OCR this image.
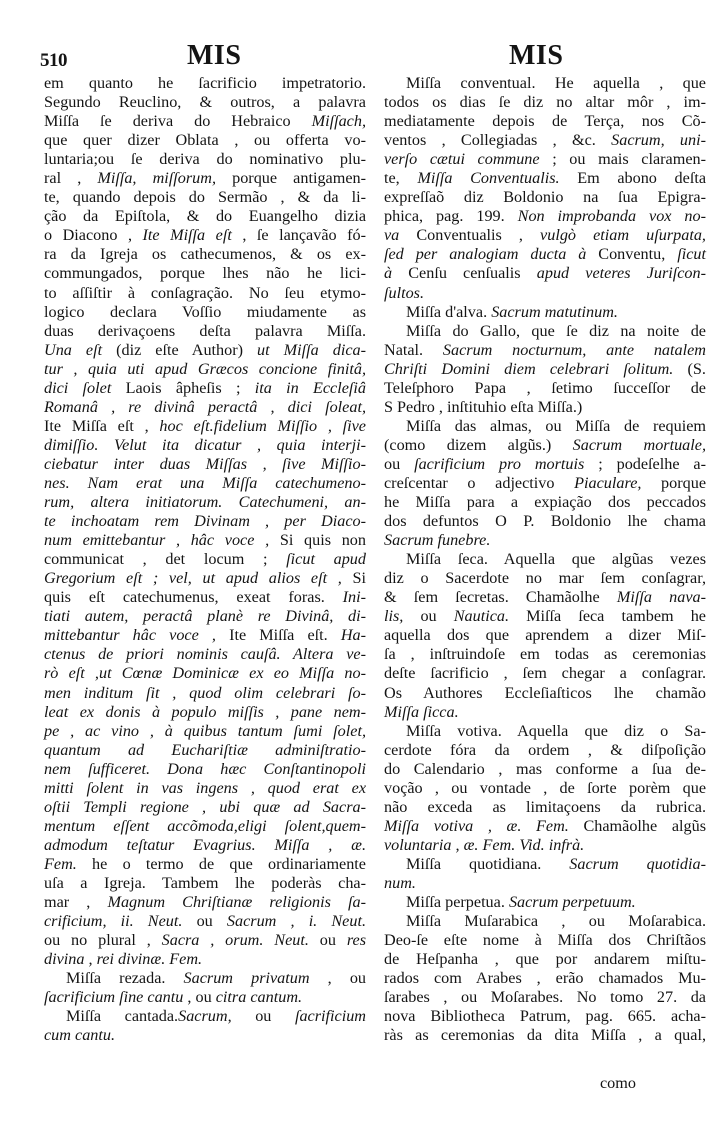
510	MIS	MIS
em quanto he ſacrificio impetratorio.
Segundo Reuclino, & outros, a palavra
Miſſa ſe deriva do Hebraico Miſſach,
que quer dizer Oblata , ou offerta vo-
luntaria;ou ſe deriva do nominativo plu-
ral , Miſſa, miſſorum, porque antigamen-
te, quando depois do Sermão , & da li-
ção da Epiſtola, & do Euangelho dizia
o Diacono , Ite Miſſa eſt , ſe lançavão fó-
ra da Igreja os cathecumenos, & os ex-
commungados, porque lhes não he lici-
to aſſiſtir à conſagração. No ſeu etymo-
logico declara Voſſio miudamente as
duas derivaçoens deſta palavra Miſſa.
Una eſt (diz eſte Author) ut Miſſa dica-
tur , quia uti apud Græcos concione finitâ,
dici ſolet Laois âpheſis ; ita in Eccleſiâ
Romanâ , re divinâ peractâ , dici ſoleat,
Ite Miſſa eſt , hoc eſt.fidelium Miſſio , ſive
dimiſſio. Velut ita dicatur , quia interji-
ciebatur inter duas Miſſas , ſive Miſſio-
nes. Nam erat una Miſſa catechumeno-
rum, altera initiatorum. Catechumeni, an-
te inchoatam rem Divinam , per Diaco-
num emittebantur , hâc voce , Si quis non
communicat , det locum ; ſicut apud
Gregorium eſt ; vel, ut apud alios eſt , Si
quis eſt catechumenus, exeat foras. Ini-
tiati autem, peractâ planè re Divinâ, di-
mittebantur hâc voce , Ite Miſſa eſt. Ha-
ctenus de priori nominis cauſâ. Altera ve-
rò eſt ,ut Cœnæ Dominicæ ex eo Miſſa no-
men inditum ſit , quod olim celebrari ſo-
leat ex donis à populo miſſis , pane nem-
pe , ac vino , à quibus tantum ſumi ſolet,
quantum ad Euchariſtiæ adminiſtratio-
nem ſufficeret. Dona hæc Conſtantinopoli
mitti ſolent in vas ingens , quod erat ex
oſtii Templi regione , ubi quæ ad Sacra-
mentum eſſent accõmoda,eligi ſolent,quem-
admodum teſtatur Evagrius. Miſſa , æ.
Fem. he o termo de que ordinariamente
uſa a Igreja. Tambem lhe poderàs cha-
mar , Magnum Chriſtianæ religionis ſa-
crificium, ii. Neut. ou Sacrum , i. Neut.
ou no plural , Sacra , orum. Neut. ou res
divina , rei divinæ. Fem.
Miſſa rezada. Sacrum privatum , ou
ſacrificium ſine cantu , ou citra cantum.
Miſſa cantada.Sacrum, ou ſacrificium
cum cantu.
Miſſa conventual. He aquella , que
todos os dias ſe diz no altar môr , im-
mediatamente depois de Terça, nos Cõ-
ventos , Collegiadas , &c. Sacrum, uni-
verſo cætui commune ; ou mais claramen-
te, Miſſa Conventualis. Em abono deſta
expreſſaõ diz Boldonio na ſua Epigra-
phica, pag. 199. Non improbanda vox no-
va Conventualis , vulgò etiam uſurpata,
ſed per analogiam ducta à Conventu, ſicut
à Cenſu cenſualis apud veteres Juriſcon-
ſultos.
Miſſa d'alva. Sacrum matutinum.
Miſſa do Gallo, que ſe diz na noite de
Natal. Sacrum nocturnum, ante natalem
Chriſti Domini diem celebrari ſolitum. (S.
Teleſphoro Papa , ſetimo ſucceſſor de
S Pedro , inſtituhio eſta Miſſa.)
Miſſa das almas, ou Miſſa de requiem
(como dizem algũs.) Sacrum mortuale,
ou ſacrificium pro mortuis ; podeſelhe a-
creſcentar o adjectivo Piaculare, porque
he Miſſa para a expiação dos peccados
dos defuntos O P. Boldonio lhe chama
Sacrum funebre.
Miſſa ſeca. Aquella que algũas vezes
diz o Sacerdote no mar ſem conſagrar,
& ſem ſecretas. Chamãolhe Miſſa nava-
lis, ou Nautica. Miſſa ſeca tambem he
aquella dos que aprendem a dizer Miſ-
ſa , inſtruindoſe em todas as ceremonias
deſte ſacrificio , ſem chegar a conſagrar.
Os Authores Eccleſiaſticos lhe chamão
Miſſa ſicca.
Miſſa votiva. Aquella que diz o Sa-
cerdote fóra da ordem , & diſpoſição
do Calendario , mas conforme a ſua de-
voção , ou vontade , de ſorte porèm que
não exceda as limitaçoens da rubrica.
Miſſa votiva , æ. Fem. Chamãolhe algũs
voluntaria , æ. Fem. Vid. infrà.
Miſſa quotidiana. Sacrum quotidia-
num.
Miſſa perpetua. Sacrum perpetuum.
Miſſa Muſarabica , ou Moſarabica.
Deo-ſe eſte nome à Miſſa dos Chriſtãos
de Heſpanha , que por andarem miſtu-
rados com Arabes , erão chamados Mu-
ſarabes , ou Moſarabes. No tomo 27. da
nova Bibliotheca Patrum, pag. 665. acha-
ràs as ceremonias da dita Miſſa , a qual,
como
